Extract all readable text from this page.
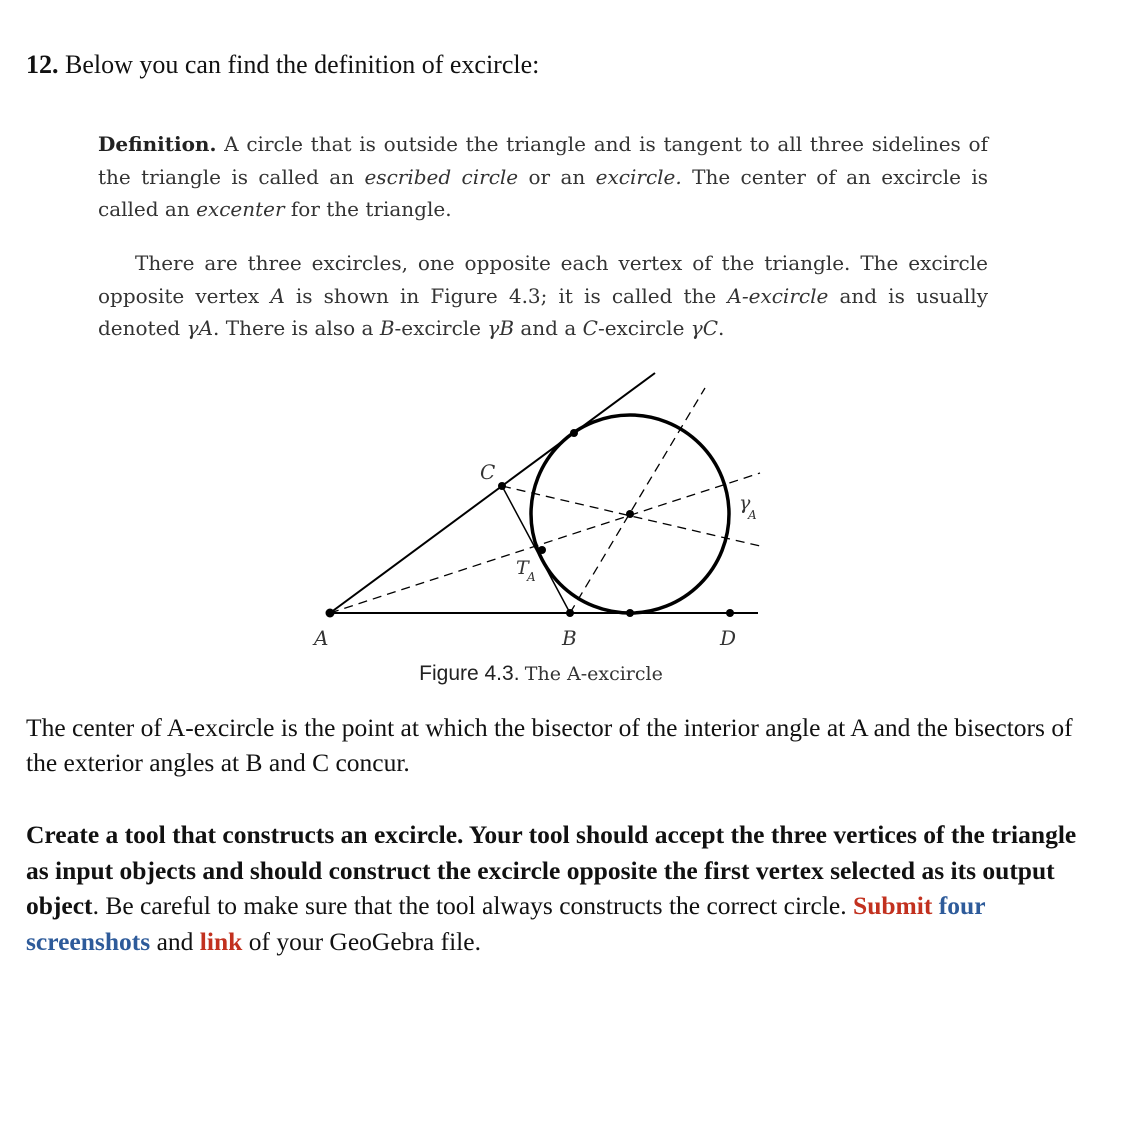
12. Below you can find the definition of excircle:
Definition. A circle that is outside the triangle and is tangent to all three sidelines of the triangle is called an escribed circle or an excircle. The center of an excircle is called an excenter for the triangle.
There are three excircles, one opposite each vertex of the triangle. The excircle opposite vertex A is shown in Figure 4.3; it is called the A-excircle and is usually denoted γA. There is also a B-excircle γB and a C-excircle γC.
A	B
C
D
T
A
γ
A
Figure 4.3. The A-excircle
The center of A-excircle is the point at which the bisector of the interior angle at A and the bisectors of the exterior angles at B and C concur.
Create a tool that constructs an excircle. Your tool should accept the three vertices of the triangle as input objects and should construct the excircle opposite the first vertex selected as its output object. Be careful to make sure that the tool always constructs the correct circle. Submit four screenshots and link of your GeoGebra file.
